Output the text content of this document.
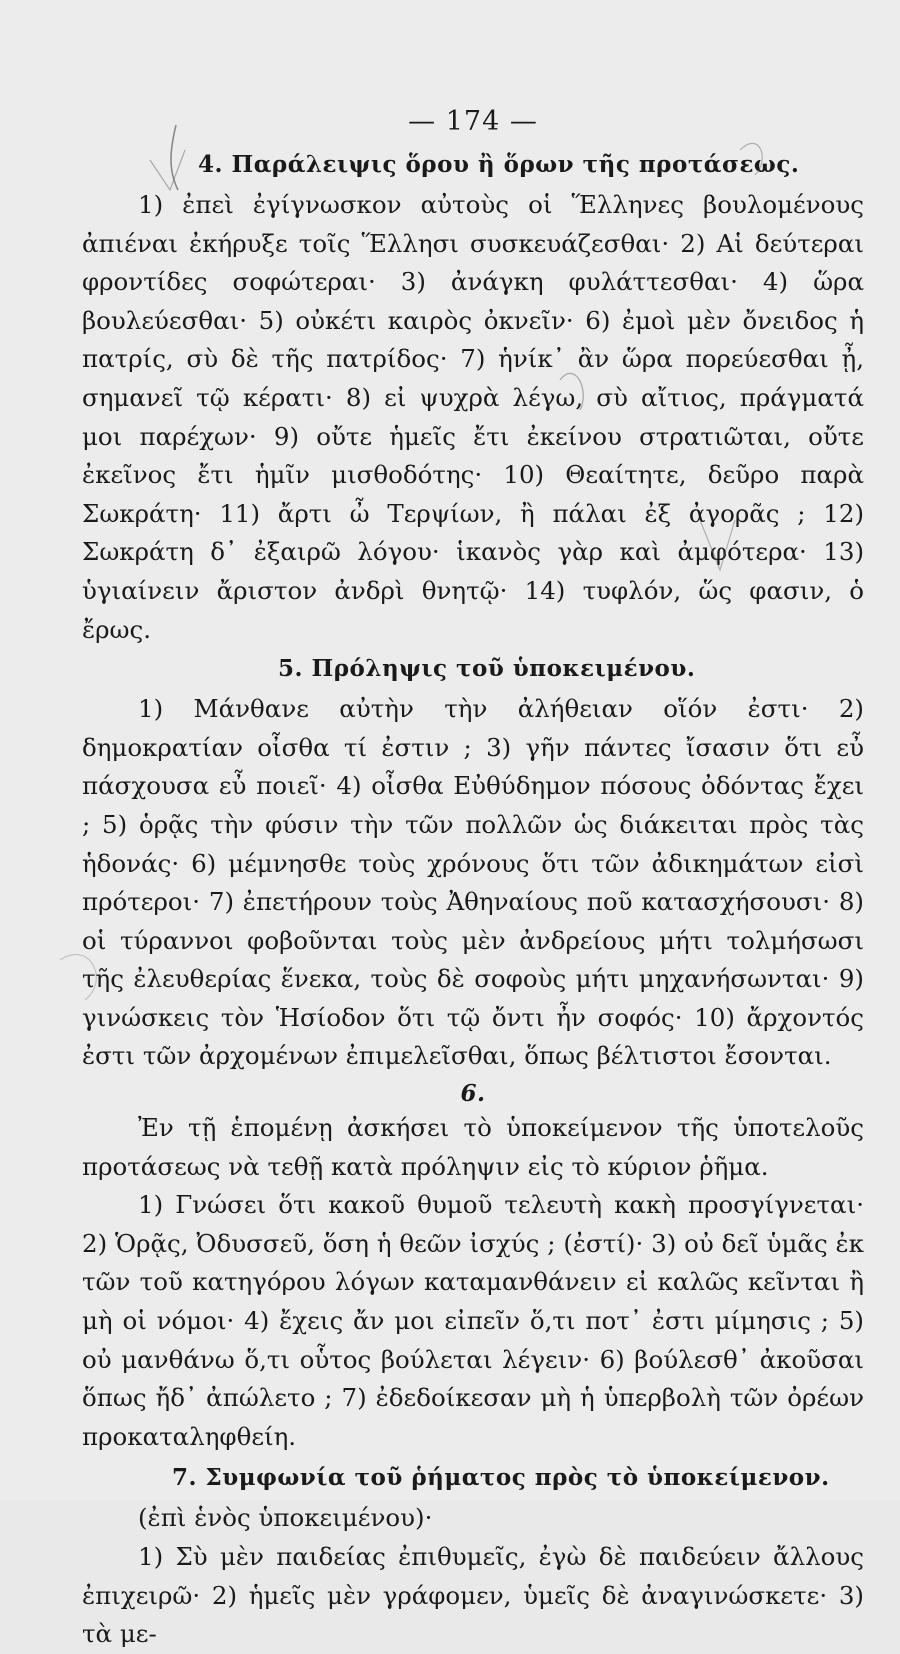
— 174 —
4. Παράλειψις ὅρου ἢ ὅρων τῆς προτάσεως.

1) ἐπεὶ ἐγίγνωσκον αὐτοὺς οἱ Ἕλληνες βουλομένους ἀπιέναι ἐκήρυξε τοῖς Ἕλλησι συσκευάζεσθαι· 2) Αἱ δεύτεραι φροντίδες σοφώτεραι· 3) ἀνάγκη φυλάττεσθαι· 4) ὥρα βουλεύεσθαι· 5) οὐκέτι καιρὸς ὀκνεῖν· 6) ἐμοὶ μὲν ὄνειδος ἡ πατρίς, σὺ δὲ τῆς πατρίδος· 7) ἡνίκ᾿ ἂν ὥρα πορεύεσθαι ᾖ, σημανεῖ τῷ κέρατι· 8) εἰ ψυχρὰ λέγω, σὺ αἴτιος, πράγματά μοι παρέχων· 9) οὔτε ἡμεῖς ἔτι ἐκείνου στρατιῶται, οὔτε ἐκεῖνος ἔτι ἡμῖν μισθοδότης· 10) Θεαίτητε, δεῦρο παρὰ Σωκράτη· 11) ἄρτι ὦ Τερψίων, ἢ πάλαι ἐξ ἀγορᾶς ; 12) Σωκράτη δ᾿ ἐξαιρῶ λόγου· ἱκανὸς γὰρ καὶ ἀμφότερα· 13) ὑγιαίνειν ἄριστον ἀνδρὶ θνητῷ· 14) τυφλόν, ὥς φασιν, ὁ ἔρως.

5. Πρόληψις τοῦ ὑποκειμένου.

1) Μάνθανε αὐτὴν τὴν ἀλήθειαν οἵόν ἐστι· 2) δημοκρατίαν οἶσθα τί ἐστιν ; 3) γῆν πάντες ἴσασιν ὅτι εὖ πάσχουσα εὖ ποιεῖ· 4) οἶσθα Εὐθύδημον πόσους ὀδόντας ἔχει ; 5) ὁρᾷς τὴν φύσιν τὴν τῶν πολλῶν ὡς διάκειται πρὸς τὰς ἡδονάς· 6) μέμνησθε τοὺς χρόνους ὅτι τῶν ἀδικημάτων εἰσὶ πρότεροι· 7) ἐπετήρουν τοὺς Ἀθηναίους ποῦ κατασχήσουσι· 8) οἱ τύραννοι φοβοῦνται τοὺς μὲν ἀνδρείους μήτι τολμήσωσι τῆς ἐλευθερίας ἕνεκα, τοὺς δὲ σοφοὺς μήτι μηχανήσωνται· 9) γινώσκεις τὸν Ἡσίοδον ὅτι τῷ ὄντι ἦν σοφός· 10) ἄρχοντός ἐστι τῶν ἀρχομένων ἐπιμελεῖσθαι, ὅπως βέλτιστοι ἔσονται.

6.

Ἐν τῇ ἑπομένῃ ἀσκήσει τὸ ὑποκείμενον τῆς ὑποτελοῦς προτάσεως νὰ τεθῇ κατὰ πρόληψιν εἰς τὸ κύριον ῥῆμα.

1) Γνώσει ὅτι κακοῦ θυμοῦ τελευτὴ κακὴ προσγίγνεται· 2) Ὁρᾷς, Ὀδυσσεῦ, ὅση ἡ θεῶν ἰσχύς ; (ἐστί)· 3) οὐ δεῖ ὑμᾶς ἐκ τῶν τοῦ κατηγόρου λόγων καταμανθάνειν εἰ καλῶς κεῖνται ἢ μὴ οἱ νόμοι· 4) ἔχεις ἄν μοι εἰπεῖν ὅ,τι ποτ᾿ ἐστι μίμησις ; 5) οὐ μανθάνω ὅ,τι οὗτος βούλεται λέγειν· 6) βούλεσθ᾿ ἀκοῦσαι ὅπως ἤδ᾿ ἀπώλετο ; 7) ἐδεδοίκεσαν μὴ ἡ ὑπερβολὴ τῶν ὀρέων προκαταληφθείη.

7. Συμφωνία τοῦ ῥήματος πρὸς τὸ ὑποκείμενον.

(ἐπὶ ἑνὸς ὑποκειμένου)·

1) Σὺ μὲν παιδείας ἐπιθυμεῖς, ἐγὼ δὲ παιδεύειν ἄλλους ἐπιχειρῶ· 2) ἡμεῖς μὲν γράφομεν, ὑμεῖς δὲ ἀναγινώσκετε· 3) τὰ με-
